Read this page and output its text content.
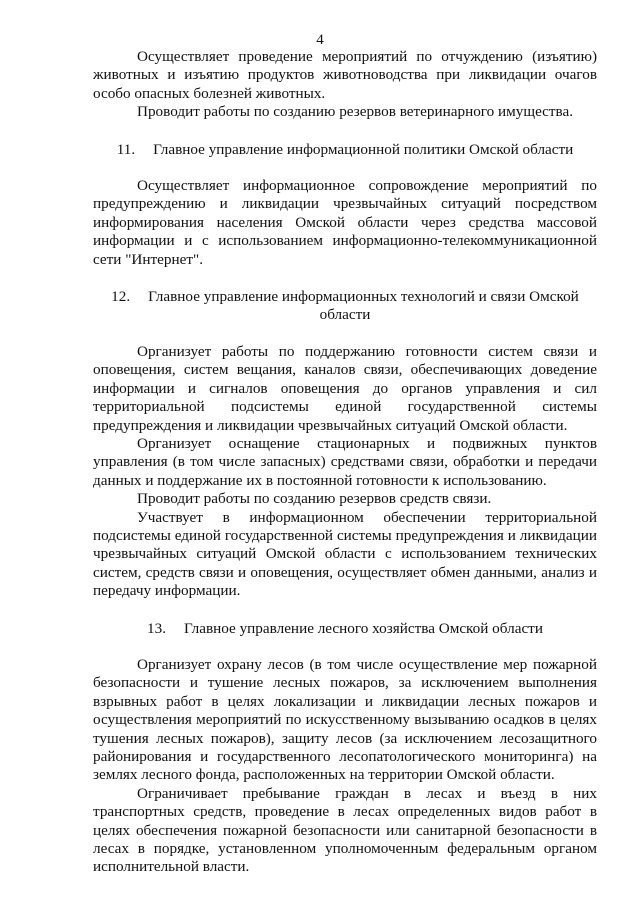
4

Осуществляет проведение мероприятий по отчуждению (изъятию) животных и изъятию продуктов животноводства при ликвидации очагов особо опасных болезней животных.

Проводит работы по созданию резервов ветеринарного имущества.

11. Главное управление информационной политики Омской области

Осуществляет информационное сопровождение мероприятий по предупреждению и ликвидации чрезвычайных ситуаций посредством информирования населения Омской области через средства массовой информации и с использованием информационно-телекоммуникационной сети "Интернет".

12. Главное управление информационных технологий и связи Омской области

Организует работы по поддержанию готовности систем связи и оповещения, систем вещания, каналов связи, обеспечивающих доведение информации и сигналов оповещения до органов управления и сил территориальной подсистемы единой государственной системы предупреждения и ликвидации чрезвычайных ситуаций Омской области.

Организует оснащение стационарных и подвижных пунктов управления (в том числе запасных) средствами связи, обработки и передачи данных и поддержание их в постоянной готовности к использованию.

Проводит работы по созданию резервов средств связи.

Участвует в информационном обеспечении территориальной подсистемы единой государственной системы предупреждения и ликвидации чрезвычайных ситуаций Омской области с использованием технических систем, средств связи и оповещения, осуществляет обмен данными, анализ и передачу информации.

13. Главное управление лесного хозяйства Омской области

Организует охрану лесов (в том числе осуществление мер пожарной безопасности и тушение лесных пожаров, за исключением выполнения взрывных работ в целях локализации и ликвидации лесных пожаров и осуществления мероприятий по искусственному вызыванию осадков в целях тушения лесных пожаров), защиту лесов (за исключением лесозащитного районирования и государственного лесопатологического мониторинга) на землях лесного фонда, расположенных на территории Омской области.

Ограничивает пребывание граждан в лесах и въезд в них транспортных средств, проведение в лесах определенных видов работ в целях обеспечения пожарной безопасности или санитарной безопасности в лесах в порядке, установленном уполномоченным федеральным органом исполнительной власти.
